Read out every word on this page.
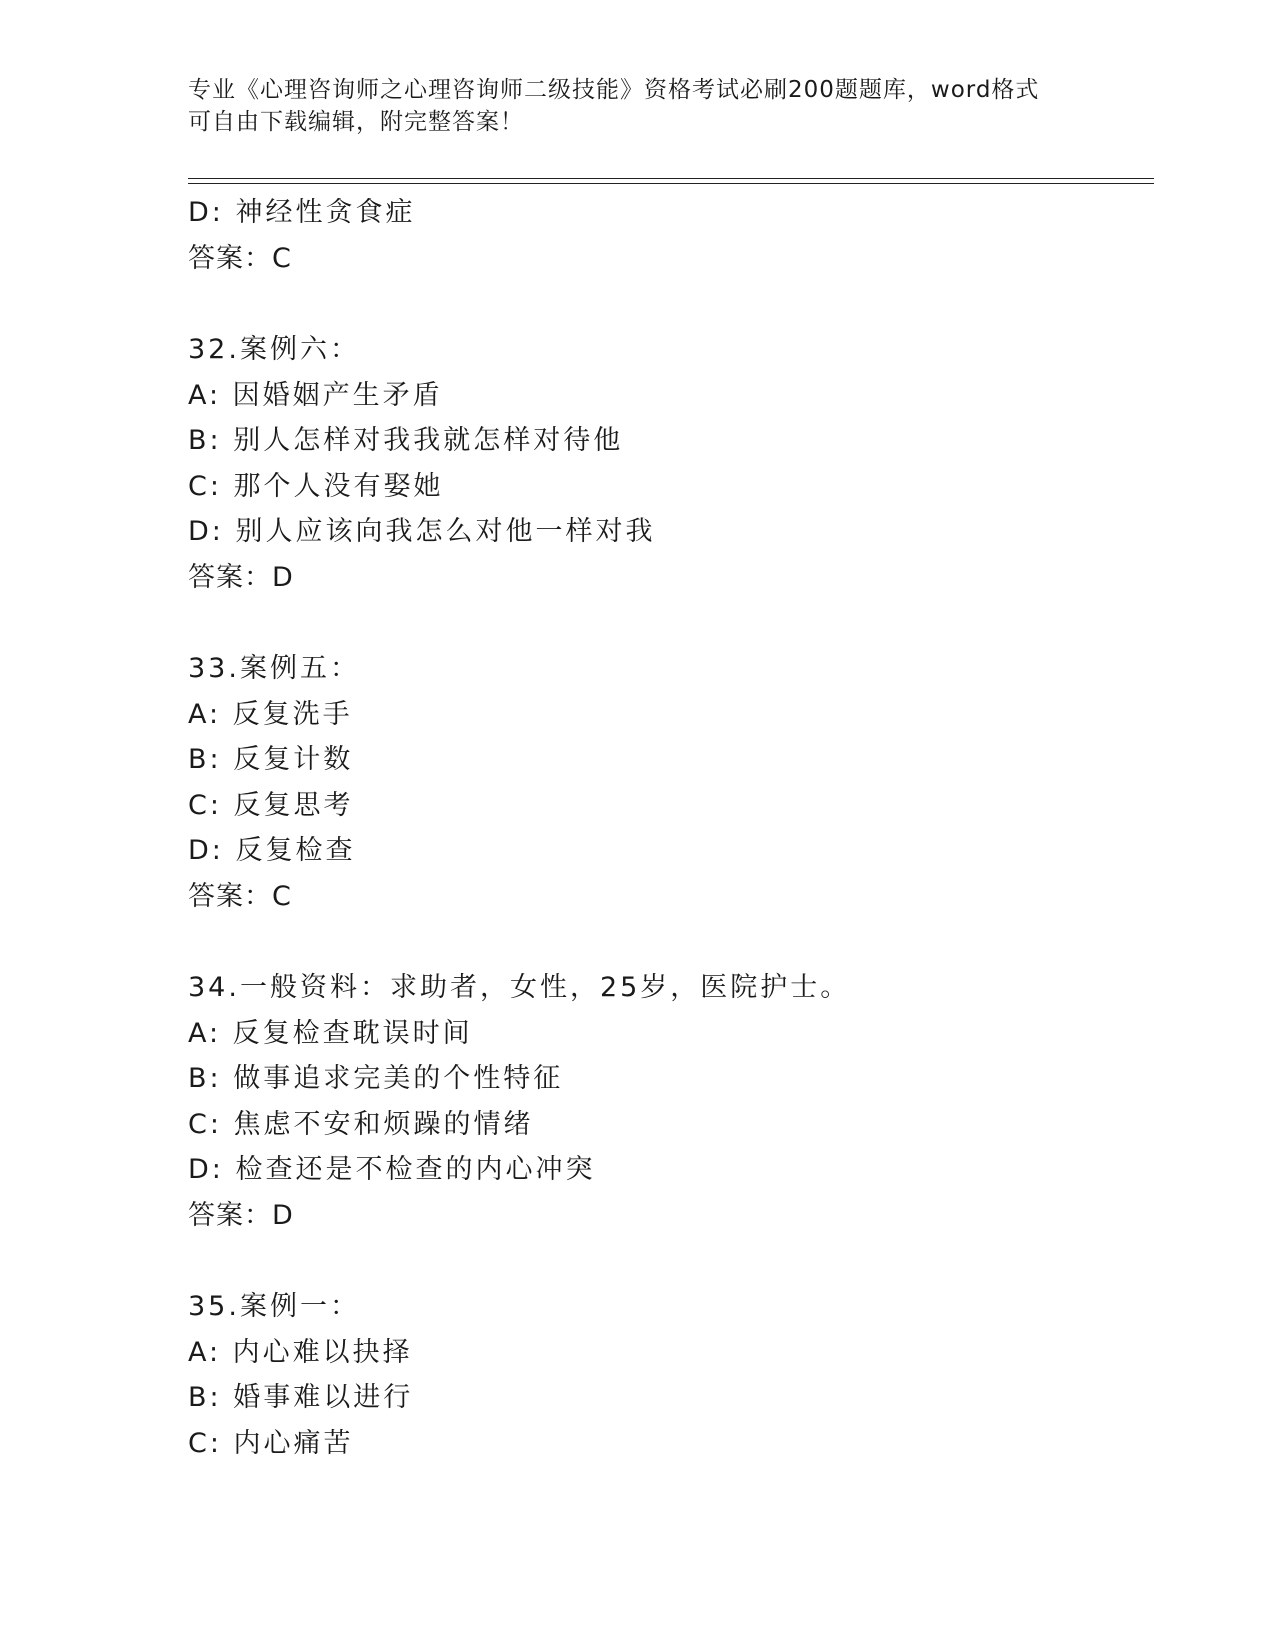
专业《心理咨询师之心理咨询师二级技能》资格考试必刷200题题库，word格式
可自由下载编辑，附完整答案！
D: 神经性贪食症
答案：C
32.案例六：
A: 因婚姻产生矛盾
B: 别人怎样对我我就怎样对待他
C: 那个人没有娶她
D: 别人应该向我怎么对他一样对我
答案：D
33.案例五：
A: 反复洗手
B: 反复计数
C: 反复思考
D: 反复检查
答案：C
34.一般资料：求助者，女性，25岁，医院护士。
A: 反复检查耽误时间
B: 做事追求完美的个性特征
C: 焦虑不安和烦躁的情绪
D: 检查还是不检查的内心冲突
答案：D
35.案例一：
A: 内心难以抉择
B: 婚事难以进行
C: 内心痛苦
